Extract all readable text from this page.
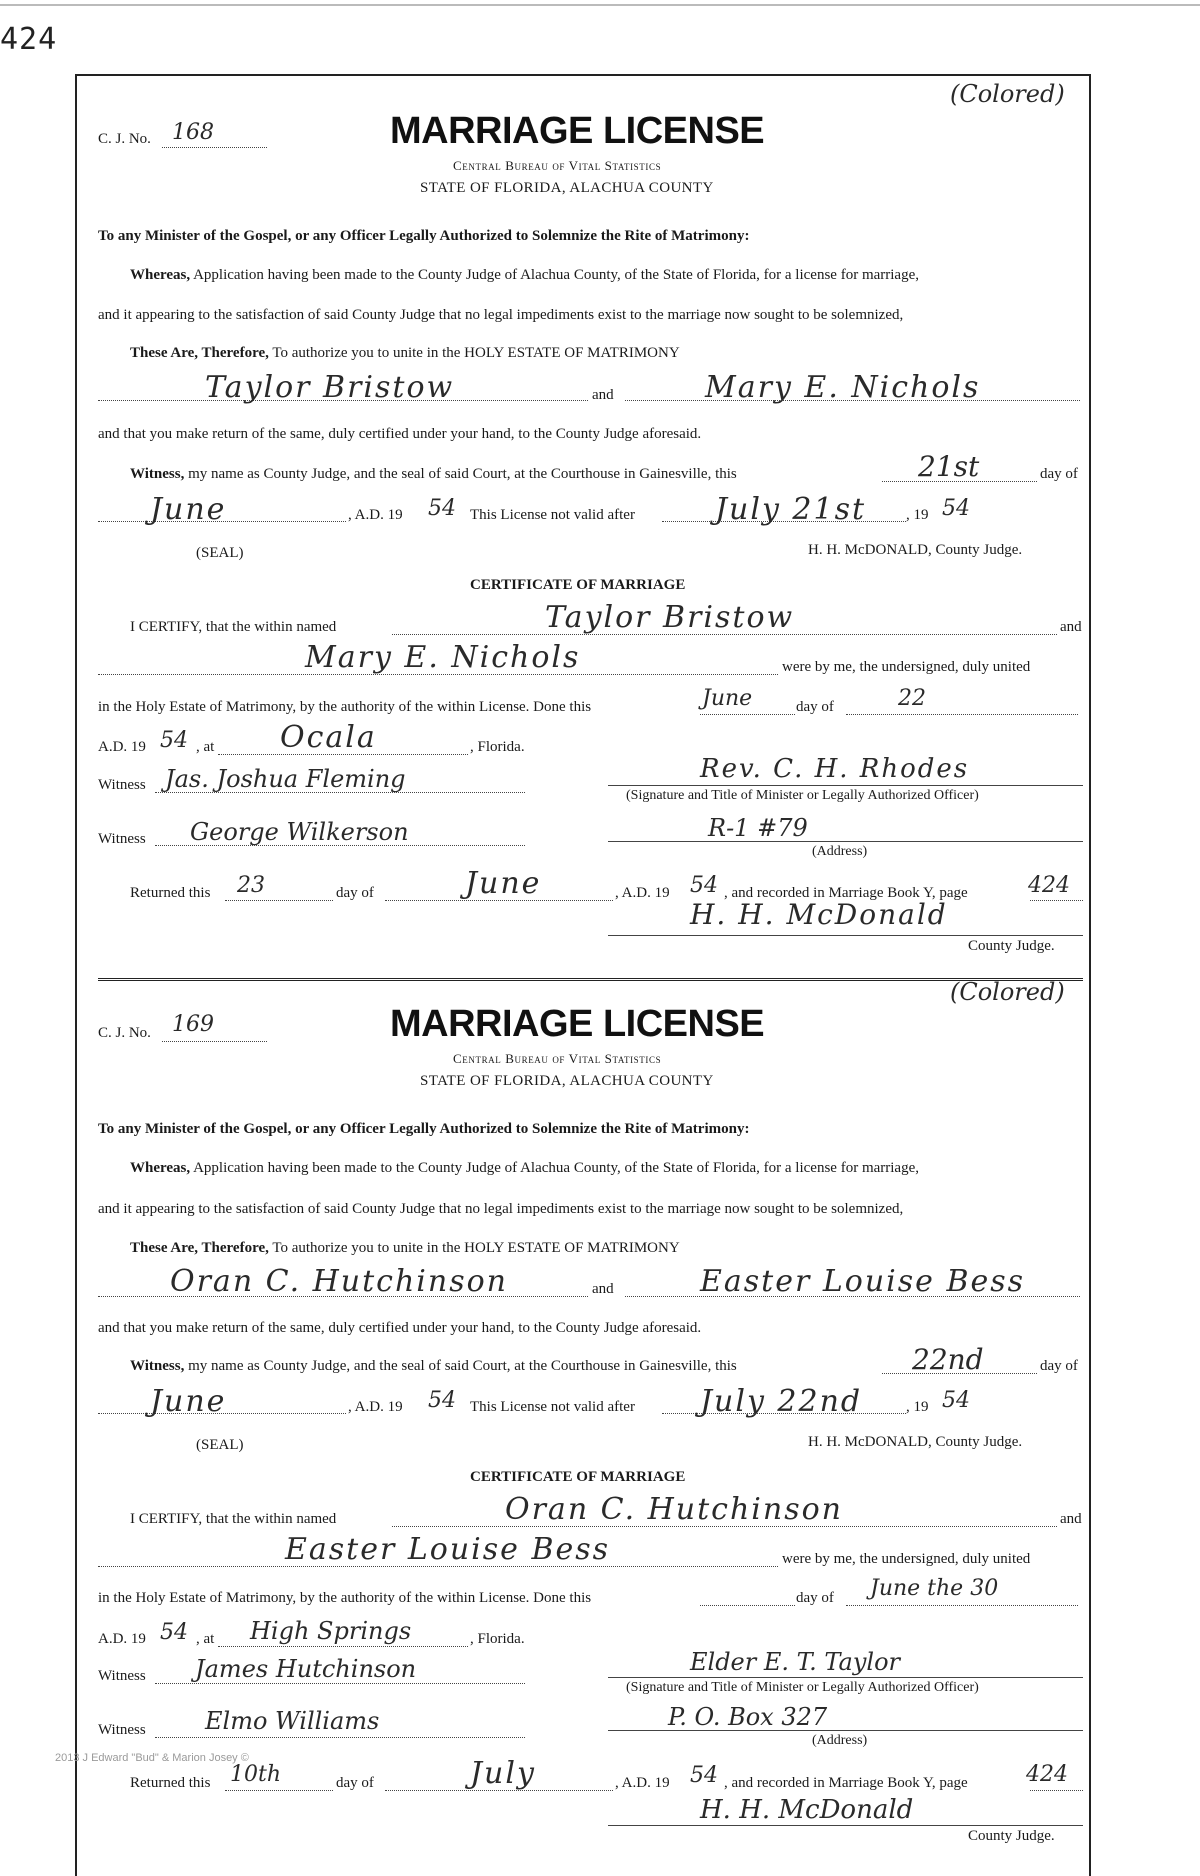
424
(Colored)
C. J. No. 168	MARRIAGE LICENSE
Central Bureau of Vital Statistics
STATE OF FLORIDA, ALACHUA COUNTY
To any Minister of the Gospel, or any Officer Legally Authorized to Solemnize the Rite of Matrimony:
Whereas, Application having been made to the County Judge of Alachua County, of the State of Florida, for a license for marriage,
and it appearing to the satisfaction of said County Judge that no legal impediments exist to the marriage now sought to be solemnized,
These Are, Therefore, To authorize you to unite in the HOLY ESTATE OF MATRIMONY
Taylor Bristow	and	Mary E. Nichols
and that you make return of the same, duly certified under your hand, to the County Judge aforesaid.
Witness, my name as County Judge, and the seal of said Court, at the Courthouse in Gainesville, this	21st	day of
June	, A.D. 19 54 This License not valid after	July 21st	, 19 54
(SEAL)	H. H. McDONALD, County Judge.
CERTIFICATE OF MARRIAGE
I CERTIFY, that the within named	Taylor Bristow	and
Mary E. Nichols	were by me, the undersigned, duly united
in the Holy Estate of Matrimony, by the authority of the within License. Done this	June	day of	22
A.D. 19 54 , at Ocala	, Florida.
Witness Jas. Joshua Fleming	Rev. C. H. Rhodes
(Signature and Title of Minister or Legally Authorized Officer)
Witness George Wilkerson	R-1 #79
(Address)
Returned this 23	day of	June	, A.D. 19 54 , and recorded in Marriage Book Y, page	424
H. H. McDonald
County Judge.
(Colored)
C. J. No. 169	MARRIAGE LICENSE
Central Bureau of Vital Statistics
STATE OF FLORIDA, ALACHUA COUNTY
To any Minister of the Gospel, or any Officer Legally Authorized to Solemnize the Rite of Matrimony:
Whereas, Application having been made to the County Judge of Alachua County, of the State of Florida, for a license for marriage,
and it appearing to the satisfaction of said County Judge that no legal impediments exist to the marriage now sought to be solemnized,
These Are, Therefore, To authorize you to unite in the HOLY ESTATE OF MATRIMONY
Oran C. Hutchinson	and	Easter Louise Bess
and that you make return of the same, duly certified under your hand, to the County Judge aforesaid.
Witness, my name as County Judge, and the seal of said Court, at the Courthouse in Gainesville, this	22nd	day of
June	, A.D. 19 54 This License not valid after July 22nd	, 19 54
(SEAL)	H. H. McDONALD, County Judge.
CERTIFICATE OF MARRIAGE
I CERTIFY, that the within named	Oran C. Hutchinson	and
Easter Louise Bess	were by me, the undersigned, duly united
in the Holy Estate of Matrimony, by the authority of the within License. Done this	day of June the 30
A.D. 19 54 , at High Springs	, Florida.
Witness James Hutchinson	Elder E. T. Taylor
(Signature and Title of Minister or Legally Authorized Officer)
Witness Elmo Williams	P. O. Box 327
(Address)
2013 J Edward "Bud" & Marion Josey ©
Returned this 10th	day of	July	, A.D. 19 54 , and recorded in Marriage Book Y, page	424
H. H. McDonald
County Judge.
